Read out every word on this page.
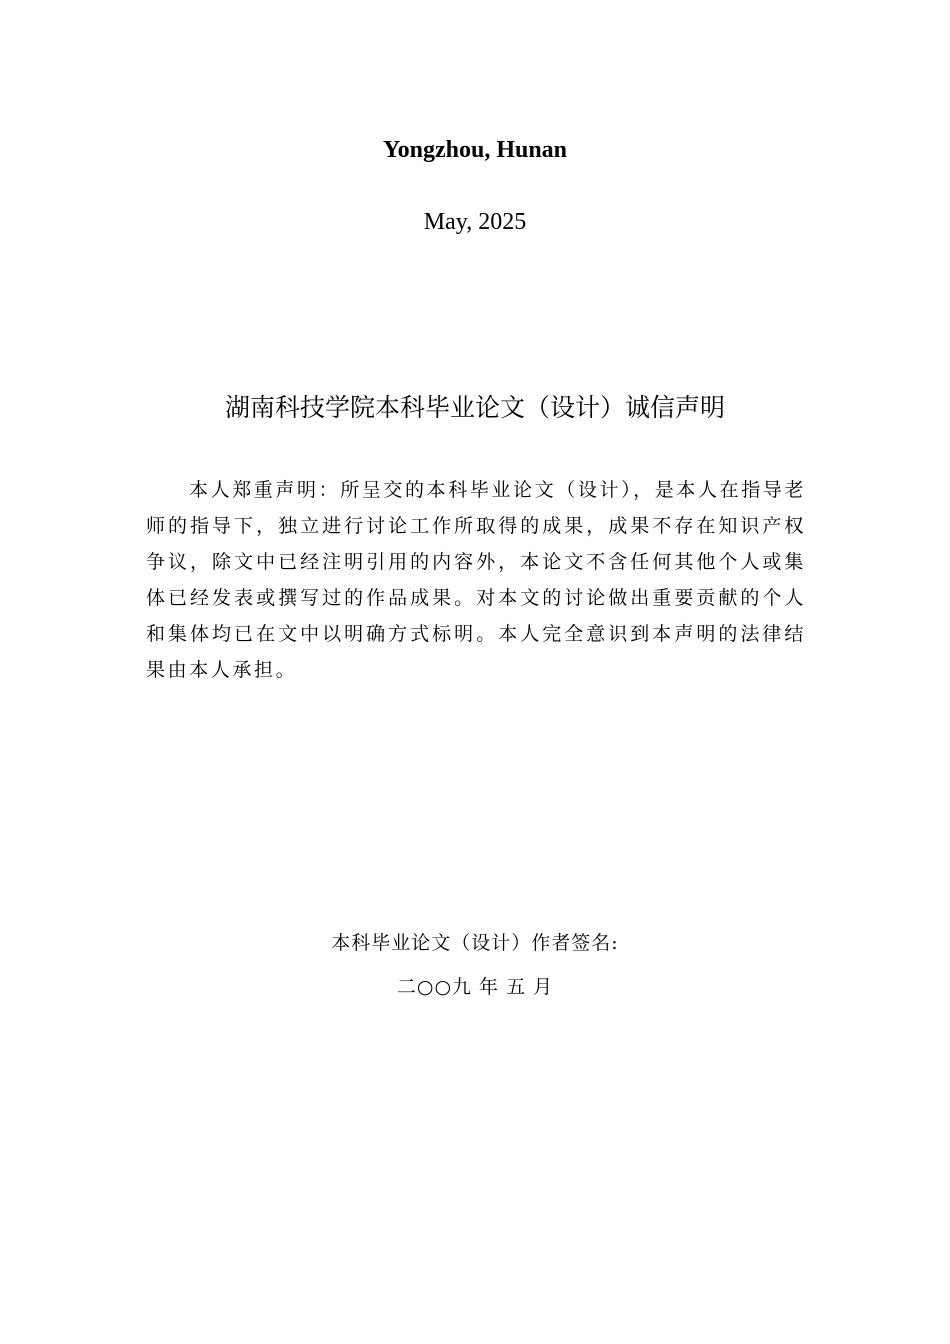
Yongzhou, Hunan
May, 2025
湖南科技学院本科毕业论文（设计）诚信声明

本人郑重声明：所呈交的本科毕业论文（设计），是本人在指导老师的指导下，独立进行讨论工作所取得的成果，成果不存在知识产权争议，除文中已经注明引用的内容外，本论文不含任何其他个人或集体已经发表或撰写过的作品成果。对本文的讨论做出重要贡献的个人和集体均已在文中以明确方式标明。本人完全意识到本声明的法律结果由本人承担。

本科毕业论文（设计）作者签名:
二○○九 年 五 月
